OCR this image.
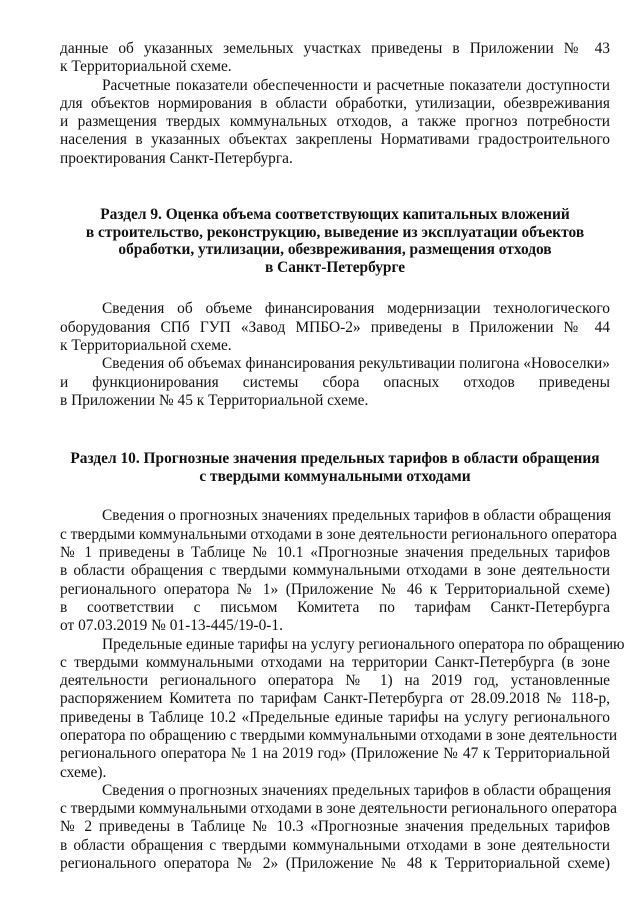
данные об указанных земельных участках приведены в Приложении № 43
к Территориальной схеме.

Расчетные показатели обеспеченности и расчетные показатели доступности
для объектов нормирования в области обработки, утилизации, обезвреживания
и размещения твердых коммунальных отходов, а также прогноз потребности
населения в указанных объектах закреплены Нормативами градостроительного
проектирования Санкт-Петербурга.

Раздел 9. Оценка объема соответствующих капитальных вложений
в строительство, реконструкцию, выведение из эксплуатации объектов
обработки, утилизации, обезвреживания, размещения отходов
в Санкт-Петербурге

Сведения об объеме финансирования модернизации технологического
оборудования СПб ГУП «Завод МПБО-2» приведены в Приложении № 44
к Территориальной схеме.

Сведения об объемах финансирования рекультивации полигона «Новоселки»
и функционирования системы сбора опасных отходов приведены
в Приложении № 45 к Территориальной схеме.

Раздел 10. Прогнозные значения предельных тарифов в области обращения
с твердыми коммунальными отходами

Сведения о прогнозных значениях предельных тарифов в области обращения
с твердыми коммунальными отходами в зоне деятельности регионального оператора
№ 1 приведены в Таблице № 10.1 «Прогнозные значения предельных тарифов
в области обращения с твердыми коммунальными отходами в зоне деятельности
регионального оператора № 1» (Приложение № 46 к Территориальной схеме)
в соответствии с письмом Комитета по тарифам Санкт-Петербурга
от 07.03.2019 № 01-13-445/19-0-1.

Предельные единые тарифы на услугу регионального оператора по обращению
с твердыми коммунальными отходами на территории Санкт-Петербурга (в зоне
деятельности регионального оператора № 1) на 2019 год, установленные
распоряжением Комитета по тарифам Санкт-Петербурга от 28.09.2018 № 118-р,
приведены в Таблице 10.2 «Предельные единые тарифы на услугу регионального
оператора по обращению с твердыми коммунальными отходами в зоне деятельности
регионального оператора № 1 на 2019 год» (Приложение № 47 к Территориальной
схеме).

Сведения о прогнозных значениях предельных тарифов в области обращения
с твердыми коммунальными отходами в зоне деятельности регионального оператора
№ 2 приведены в Таблице № 10.3 «Прогнозные значения предельных тарифов
в области обращения с твердыми коммунальными отходами в зоне деятельности
регионального оператора № 2» (Приложение № 48 к Территориальной схеме)
